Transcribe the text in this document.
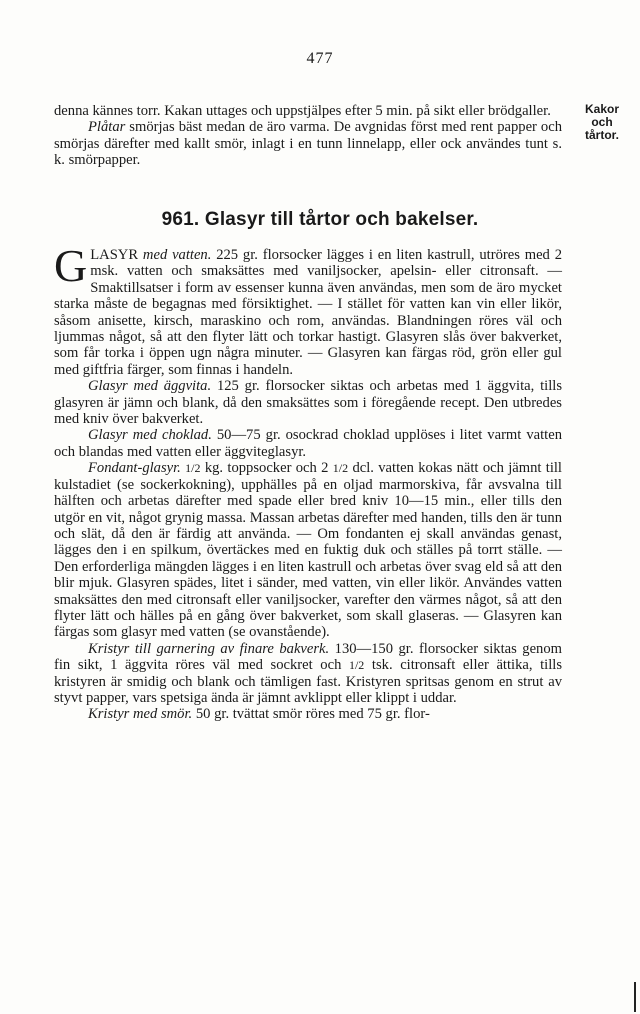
477
Kakor
och
tårtor.

denna kännes torr. Kakan uttages och uppstjälpes efter 5 min. på sikt eller brödgaller.

Plåtar smörjas bäst medan de äro varma. De avgnidas först med rent papper och smörjas därefter med kallt smör, inlagt i en tunn linnelapp, eller ock användes tunt s. k. smörpapper.

961. Glasyr till tårtor och bakelser.

GLASYR med vatten. 225 gr. florsocker lägges i en liten kastrull, utröres med 2 msk. vatten och smaksättes med vaniljsocker, apelsin- eller citronsaft. — Smaktillsatser i form av essenser kunna även användas, men som de äro mycket starka måste de begagnas med försiktighet. — I stället för vatten kan vin eller likör, såsom anisette, kirsch, maraskino och rom, användas. Blandningen röres väl och ljummas något, så att den flyter lätt och torkar hastigt. Glasyren slås över bakverket, som får torka i öppen ugn några minuter. — Glasyren kan färgas röd, grön eller gul med giftfria färger, som finnas i handeln.

Glasyr med äggvita. 125 gr. florsocker siktas och arbetas med 1 äggvita, tills glasyren är jämn och blank, då den smaksättes som i föregående recept. Den utbredes med kniv över bakverket.

Glasyr med choklad. 50—75 gr. osockrad choklad upplöses i litet varmt vatten och blandas med vatten eller äggviteglasyr.

Fondant-glasyr. 1/2 kg. toppsocker och 2 1/2 dcl. vatten kokas nätt och jämnt till kulstadiet (se sockerkokning), upphälles på en oljad marmorskiva, får avsvalna till hälften och arbetas därefter med spade eller bred kniv 10—15 min., eller tills den utgör en vit, något grynig massa. Massan arbetas därefter med handen, tills den är tunn och slät, då den är färdig att använda. — Om fondanten ej skall användas genast, lägges den i en spilkum, övertäckes med en fuktig duk och ställes på torrt ställe. — Den erforderliga mängden lägges i en liten kastrull och arbetas över svag eld så att den blir mjuk. Glasyren spädes, litet i sänder, med vatten, vin eller likör. Användes vatten smaksättes den med citronsaft eller vaniljsocker, varefter den värmes något, så att den flyter lätt och hälles på en gång över bakverket, som skall glaseras. — Glasyren kan färgas som glasyr med vatten (se ovanstående).

Kristyr till garnering av finare bakverk. 130—150 gr. florsocker siktas genom fin sikt, 1 äggvita röres väl med sockret och 1/2 tsk. citronsaft eller ättika, tills kristyren är smidig och blank och tämligen fast. Kristyren spritsas genom en strut av styvt papper, vars spetsiga ända är jämnt avklippt eller klippt i uddar.

Kristyr med smör. 50 gr. tvättat smör röres med 75 gr. flor-
